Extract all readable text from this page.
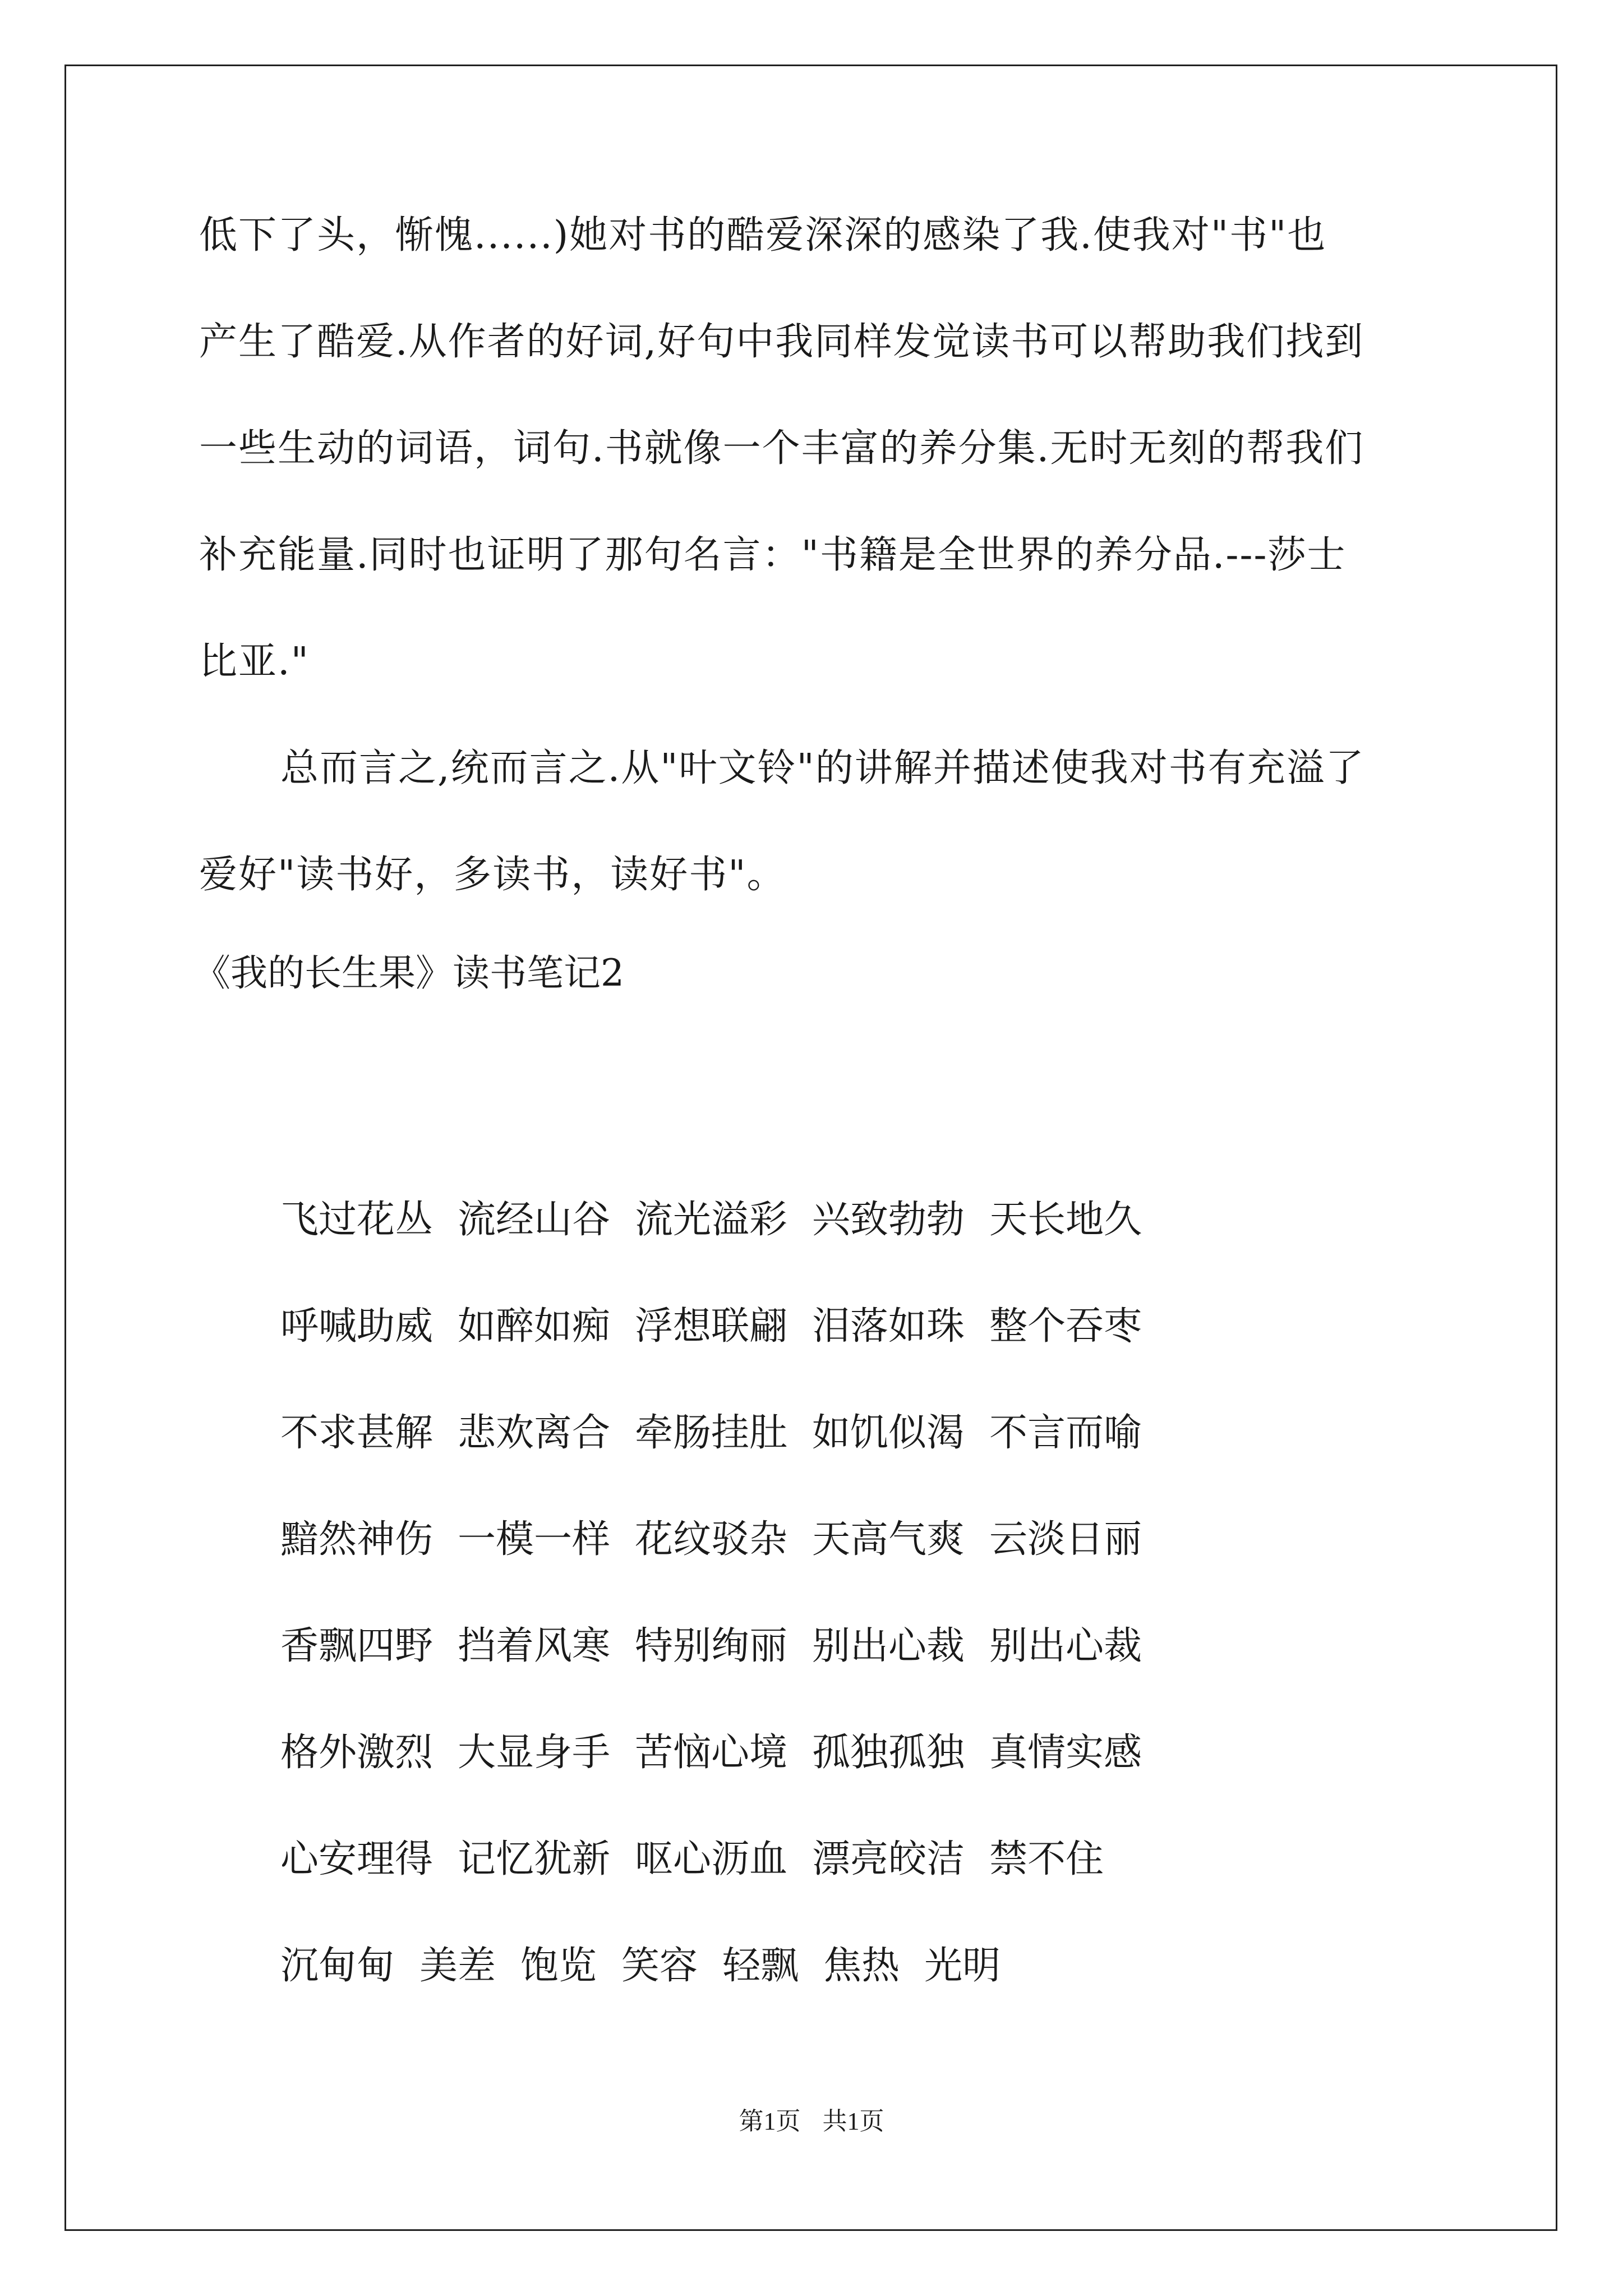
低下了头，惭愧......)她对书的酷爱深深的感染了我.使我对"书"也
产生了酷爱.从作者的好词,好句中我同样发觉读书可以帮助我们找到
一些生动的词语，词句.书就像一个丰富的养分集.无时无刻的帮我们
补充能量.同时也证明了那句名言："书籍是全世界的养分品.---莎士
比亚."
总而言之,统而言之.从"叶文铃"的讲解并描述使我对书有充溢了
爱好"读书好，多读书，读好书"。
《我的长生果》读书笔记2
飞过花丛 流经山谷 流光溢彩 兴致勃勃 天长地久
呼喊助威 如醉如痴 浮想联翩 泪落如珠 整个吞枣
不求甚解 悲欢离合 牵肠挂肚 如饥似渴 不言而喻
黯然神伤 一模一样 花纹驳杂 天高气爽 云淡日丽
香飘四野 挡着风寒 特别绚丽 别出心裁 别出心裁
格外激烈 大显身手 苦恼心境 孤独孤独 真情实感
心安理得 记忆犹新 呕心沥血 漂亮皎洁 禁不住
沉甸甸 美差 饱览 笑容 轻飘 焦热 光明
第1页 共1页
